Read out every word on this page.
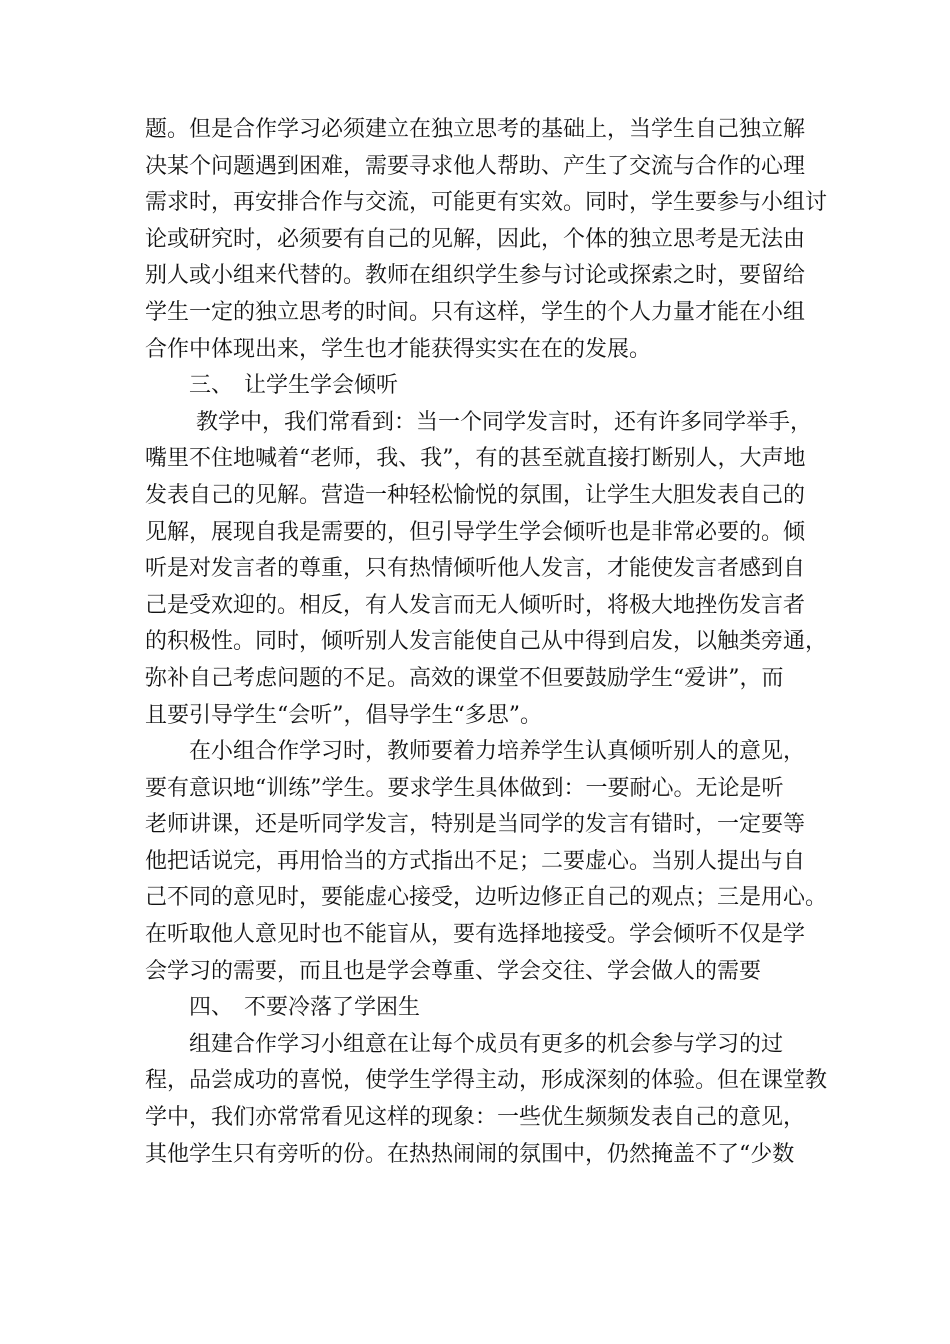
题。但是合作学习必须建立在独立思考的基础上，当学生自己独立解
决某个问题遇到困难，需要寻求他人帮助、产生了交流与合作的心理
需求时，再安排合作与交流，可能更有实效。同时，学生要参与小组讨
论或研究时，必须要有自己的见解，因此，个体的独立思考是无法由
别人或小组来代替的。教师在组织学生参与讨论或探索之时，要留给
学生一定的独立思考的时间。只有这样，学生的个人力量才能在小组
合作中体现出来，学生也才能获得实实在在的发展。
　　三、　让学生学会倾听
　　 教学中，我们常看到：当一个同学发言时，还有许多同学举手，
嘴里不住地喊着“老师，我、我”，有的甚至就直接打断别人，大声地
发表自己的见解。营造一种轻松愉悦的氛围，让学生大胆发表自己的
见解，展现自我是需要的，但引导学生学会倾听也是非常必要的。倾
听是对发言者的尊重，只有热情倾听他人发言，才能使发言者感到自
己是受欢迎的。相反，有人发言而无人倾听时，将极大地挫伤发言者
的积极性。同时，倾听别人发言能使自己从中得到启发，以触类旁通，
弥补自己考虑问题的不足。高效的课堂不但要鼓励学生“爱讲”，而
且要引导学生“会听”，倡导学生“多思”。
　　在小组合作学习时，教师要着力培养学生认真倾听别人的意见，
要有意识地“训练”学生。要求学生具体做到：一要耐心。无论是听
老师讲课，还是听同学发言，特别是当同学的发言有错时，一定要等
他把话说完，再用恰当的方式指出不足；二要虚心。当别人提出与自
己不同的意见时，要能虚心接受，边听边修正自己的观点；三是用心。
在听取他人意见时也不能盲从，要有选择地接受。学会倾听不仅是学
会学习的需要，而且也是学会尊重、学会交往、学会做人的需要
　　四、　不要冷落了学困生
　　组建合作学习小组意在让每个成员有更多的机会参与学习的过
程，品尝成功的喜悦，使学生学得主动，形成深刻的体验。但在课堂教
学中，我们亦常常看见这样的现象：一些优生频频发表自己的意见，
其他学生只有旁听的份。在热热闹闹的氛围中，仍然掩盖不了“少数
